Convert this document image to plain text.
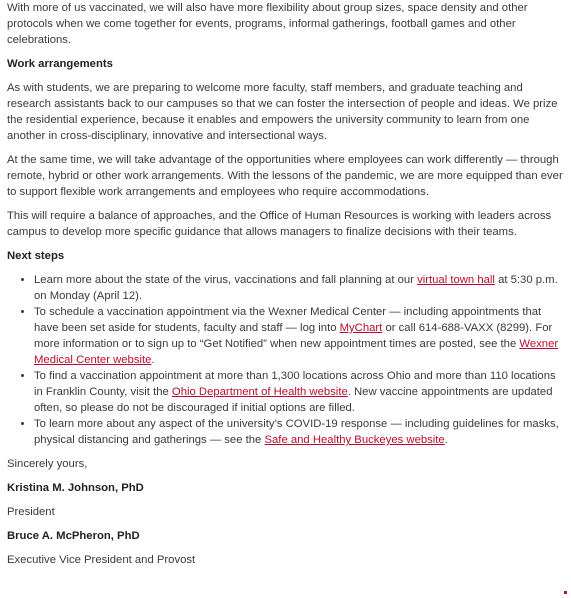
With more of us vaccinated, we will also have more flexibility about group sizes, space density and other protocols when we come together for events, programs, informal gatherings, football games and other celebrations.

Work arrangements

As with students, we are preparing to welcome more faculty, staff members, and graduate teaching and research assistants back to our campuses so that we can foster the intersection of people and ideas. We prize the residential experience, because it enables and empowers the university community to learn from one another in cross-disciplinary, innovative and intersectional ways.

At the same time, we will take advantage of the opportunities where employees can work differently — through remote, hybrid or other work arrangements. With the lessons of the pandemic, we are more equipped than ever to support flexible work arrangements and employees who require accommodations.

This will require a balance of approaches, and the Office of Human Resources is working with leaders across campus to develop more specific guidance that allows managers to finalize decisions with their teams.

Next steps
• Learn more about the state of the virus, vaccinations and fall planning at our virtual town hall at 5:30 p.m. on Monday (April 12).
• To schedule a vaccination appointment via the Wexner Medical Center — including appointments that have been set aside for students, faculty and staff — log into MyChart or call 614-688-VAXX (8299). For more information or to sign up to “Get Notified” when new appointment times are posted, see the Wexner Medical Center website.
• To find a vaccination appointment at more than 1,300 locations across Ohio and more than 110 locations in Franklin County, visit the Ohio Department of Health website. New vaccine appointments are updated often, so please do not be discouraged if initial options are filled.
• To learn more about any aspect of the university’s COVID-19 response — including guidelines for masks, physical distancing and gatherings — see the Safe and Healthy Buckeyes website.

Sincerely yours,

Kristina M. Johnson, PhD

President

Bruce A. McPheron, PhD

Executive Vice President and Provost
